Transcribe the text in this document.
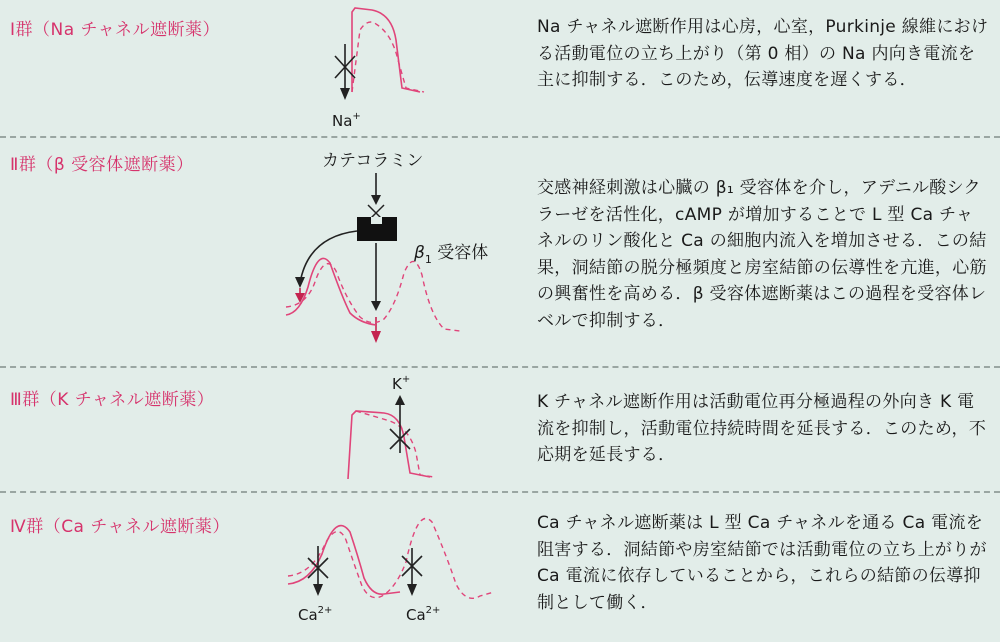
Ⅰ群（Na チャネル遮断薬）
Na+

Na チャネル遮断作用は心房，心室，Purkinje 線維における活動電位の立ち上がり（第 0 相）の Na 内向き電流を主に抑制する．このため，伝導速度を遅くする．

Ⅱ群（β 受容体遮断薬）	カテコラミン
$\beta_1$ 受容体

交感神経刺激は心臓の β₁ 受容体を介し，アデニル酸シクラーゼを活性化，cAMP が増加することで L 型 Ca チャネルのリン酸化と Ca の細胞内流入を増加させる．この結果，洞結節の脱分極頻度と房室結節の伝導性を亢進，心筋の興奮性を高める．β 受容体遮断薬はこの過程を受容体レベルで抑制する．

Ⅲ群（K チャネル遮断薬）
K+

K チャネル遮断作用は活動電位再分極過程の外向き K 電流を抑制し，活動電位持続時間を延長する．このため，不応期を延長する．

Ⅳ群（Ca チャネル遮断薬）
$Ca^{2+}$	$Ca^{2+}$

Ca チャネル遮断薬は L 型 Ca チャネルを通る Ca 電流を阻害する．洞結節や房室結節では活動電位の立ち上がりが Ca 電流に依存していることから，これらの結節の伝導抑制として働く．
